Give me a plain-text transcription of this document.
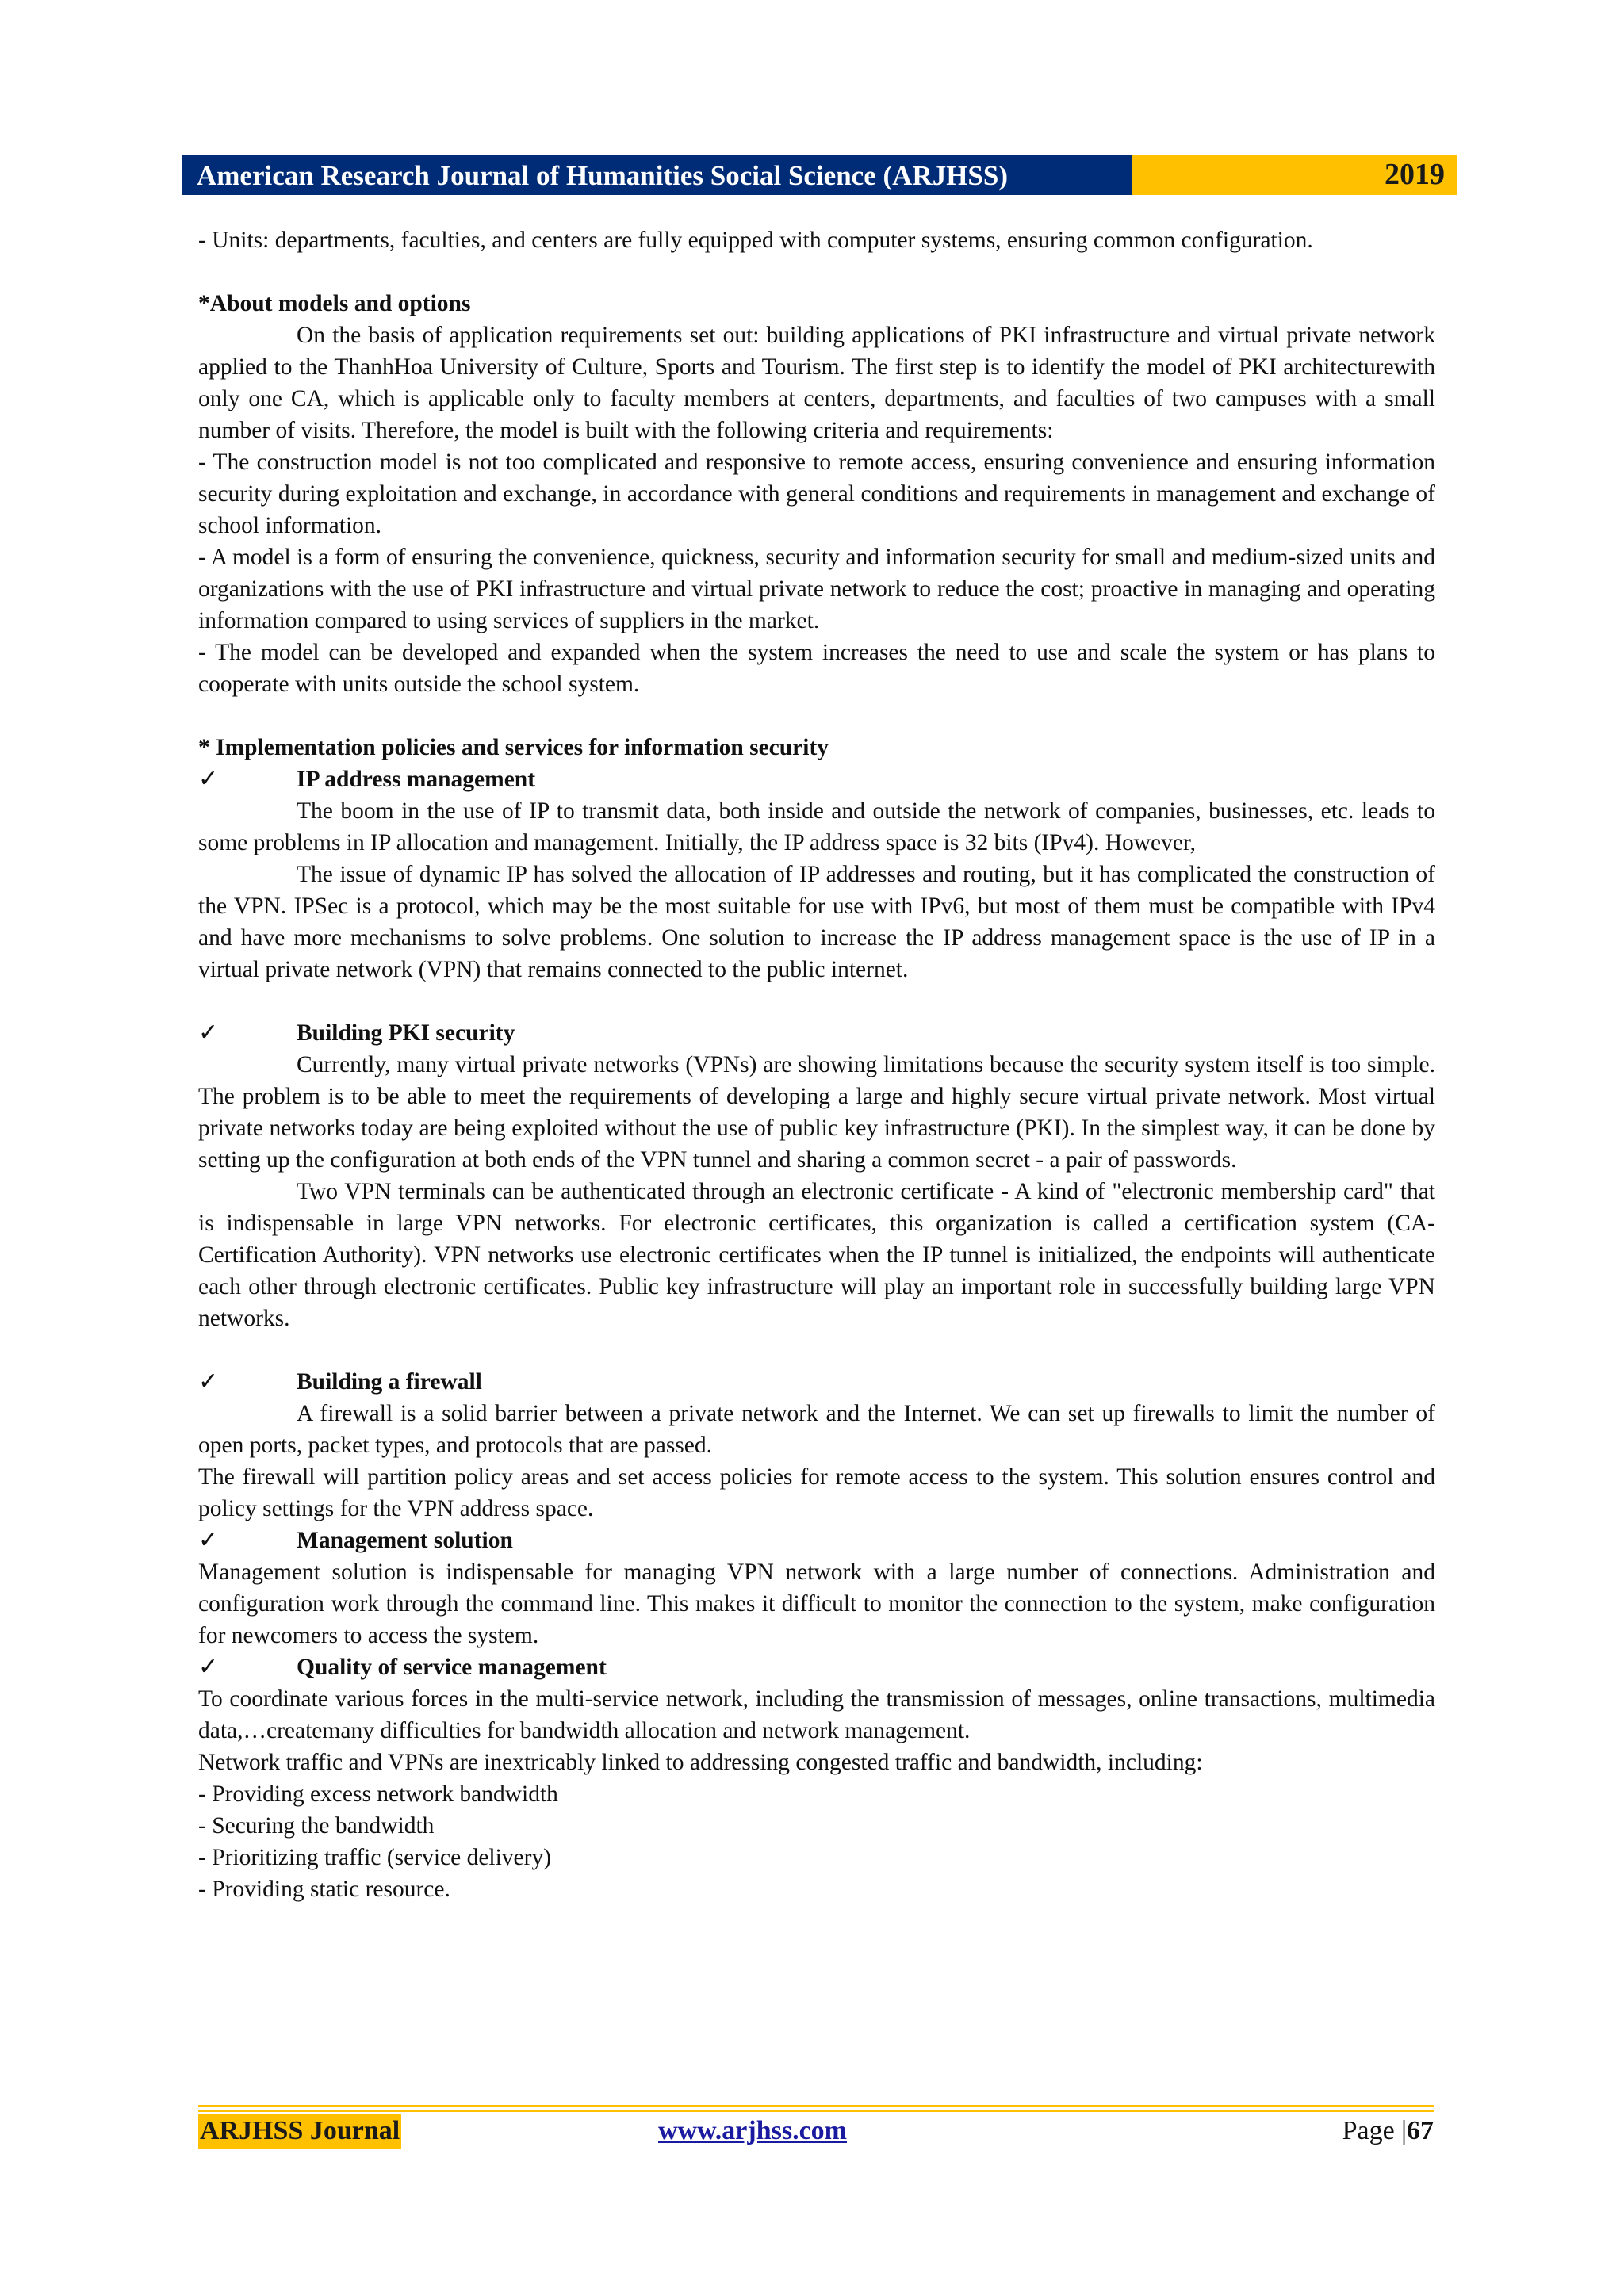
American Research Journal of Humanities Social Science (ARJHSS)	2019

- Units: departments, faculties, and centers are fully equipped with computer systems, ensuring common configuration.

*About models and options

On the basis of application requirements set out: building applications of PKI infrastructure and virtual private network applied to the ThanhHoa University of Culture, Sports and Tourism. The first step is to identify the model of PKI architecturewith only one CA, which is applicable only to faculty members at centers, departments, and faculties of two campuses with a small number of visits. Therefore, the model is built with the following criteria and requirements:

- The construction model is not too complicated and responsive to remote access, ensuring convenience and ensuring information security during exploitation and exchange, in accordance with general conditions and requirements in management and exchange of school information.

- A model is a form of ensuring the convenience, quickness, security and information security for small and medium-sized units and organizations with the use of PKI infrastructure and virtual private network to reduce the cost; proactive in managing and operating information compared to using services of suppliers in the market.

- The model can be developed and expanded when the system increases the need to use and scale the system or has plans to cooperate with units outside the school system.

* Implementation policies and services for information security

✓	IP address management

The boom in the use of IP to transmit data, both inside and outside the network of companies, businesses, etc. leads to some problems in IP allocation and management. Initially, the IP address space is 32 bits (IPv4). However,

The issue of dynamic IP has solved the allocation of IP addresses and routing, but it has complicated the construction of the VPN. IPSec is a protocol, which may be the most suitable for use with IPv6, but most of them must be compatible with IPv4 and have more mechanisms to solve problems. One solution to increase the IP address management space is the use of IP in a virtual private network (VPN) that remains connected to the public internet.

✓	Building PKI security

Currently, many virtual private networks (VPNs) are showing limitations because the security system itself is too simple. The problem is to be able to meet the requirements of developing a large and highly secure virtual private network. Most virtual private networks today are being exploited without the use of public key infrastructure (PKI). In the simplest way, it can be done by setting up the configuration at both ends of the VPN tunnel and sharing a common secret - a pair of passwords.

Two VPN terminals can be authenticated through an electronic certificate - A kind of "electronic membership card" that is indispensable in large VPN networks. For electronic certificates, this organization is called a certification system (CA-Certification Authority). VPN networks use electronic certificates when the IP tunnel is initialized, the endpoints will authenticate each other through electronic certificates. Public key infrastructure will play an important role in successfully building large VPN networks.

✓	Building a firewall

A firewall is a solid barrier between a private network and the Internet. We can set up firewalls to limit the number of open ports, packet types, and protocols that are passed.

The firewall will partition policy areas and set access policies for remote access to the system. This solution ensures control and policy settings for the VPN address space.

✓	Management solution

Management solution is indispensable for managing VPN network with a large number of connections. Administration and configuration work through the command line. This makes it difficult to monitor the connection to the system, make configuration for newcomers to access the system.

✓	Quality of service management

To coordinate various forces in the multi-service network, including the transmission of messages, online transactions, multimedia data,…createmany difficulties for bandwidth allocation and network management.

Network traffic and VPNs are inextricably linked to addressing congested traffic and bandwidth, including:

- Providing excess network bandwidth

- Securing the bandwidth

- Prioritizing traffic (service delivery)

- Providing static resource.

ARJHSS Journal	www.arjhss.com	Page |67
